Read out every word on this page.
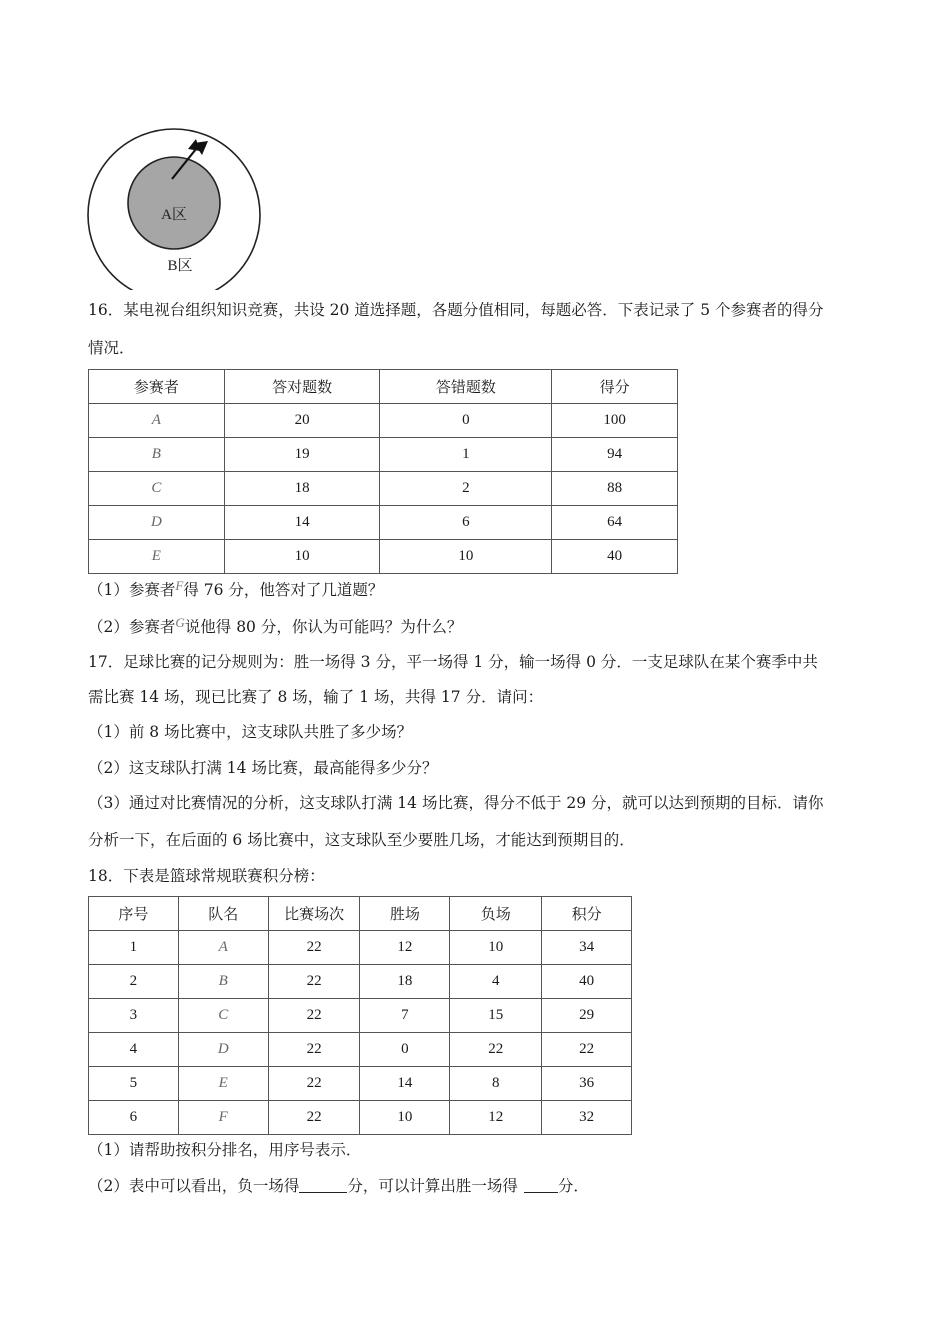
A区
B区
16．某电视台组织知识竞赛，共设 20 道选择题，各题分值相同，每题必答．下表记录了 5 个参赛者的得分
情况．
参赛者	答对题数	答错题数	得分
A	20	0	100
B	19	1	94
C	18	2	88
D	14	6	64
E	10	10	40
（1）参赛者$^F$得 76 分，他答对了几道题？
（2）参赛者$^G$说他得 80 分，你认为可能吗？为什么？
17．足球比赛的记分规则为：胜一场得 3 分，平一场得 1 分，输一场得 0 分．一支足球队在某个赛季中共
需比赛 14 场，现已比赛了 8 场，输了 1 场，共得 17 分．请问：
（1）前 8 场比赛中，这支球队共胜了多少场？
（2）这支球队打满 14 场比赛，最高能得多少分？
（3）通过对比赛情况的分析，这支球队打满 14 场比赛，得分不低于 29 分，就可以达到预期的目标．请你
分析一下，在后面的 6 场比赛中，这支球队至少要胜几场，才能达到预期目的．
18．下表是篮球常规联赛积分榜：
序号	队名	比赛场次	胜场	负场	积分
1	A	22	12	10	34
2	B	22	18	4	40
3	C	22	7	15	29
4	D	22	0	22	22
5	E	22	14	8	36
6	F	22	10	12	32
（1）请帮助按积分排名，用序号表示．
（2）表中可以看出，负一场得	分，可以计算出胜一场得	分．
